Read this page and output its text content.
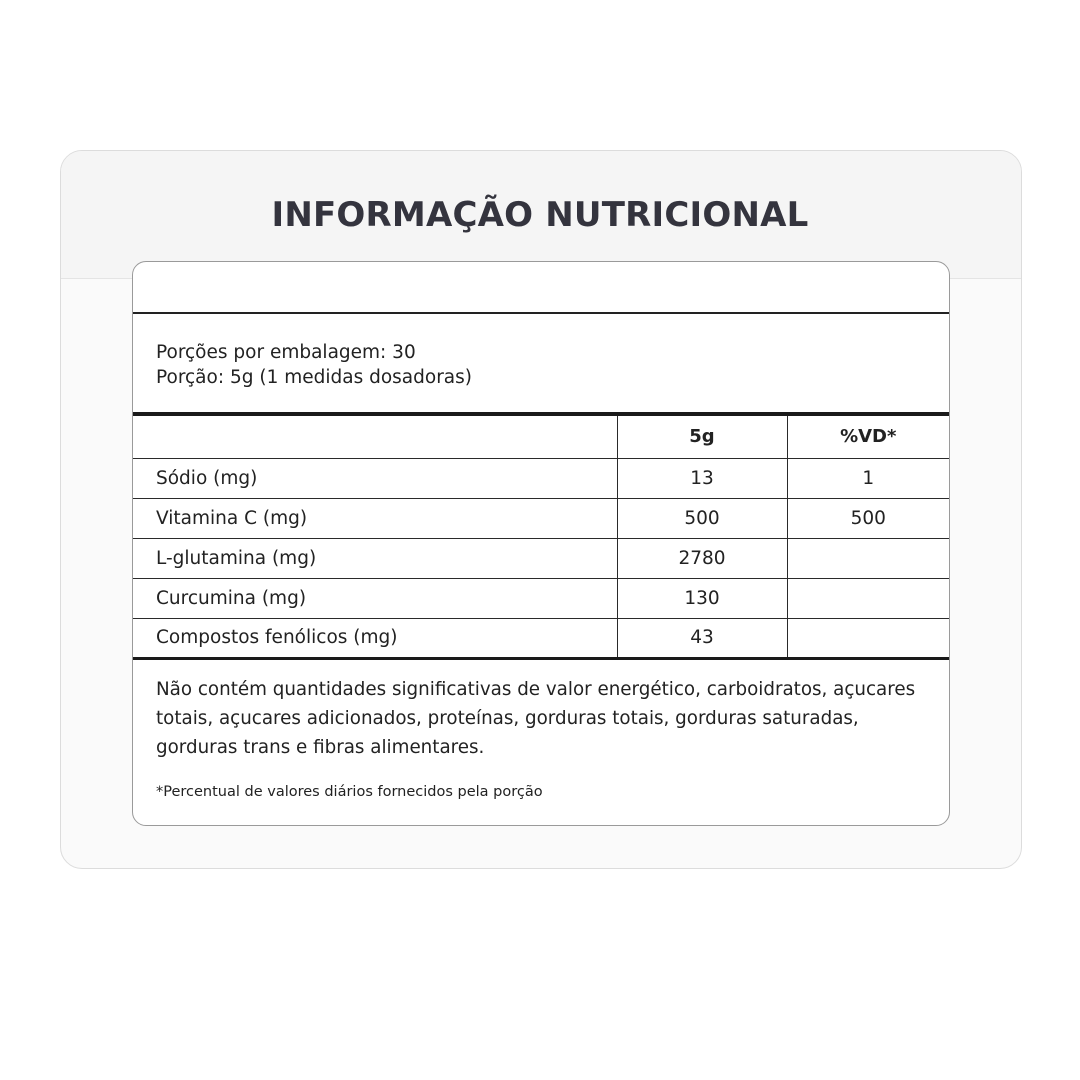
INFORMAÇÃO NUTRICIONAL
Porções por embalagem: 30
Porção: 5g (1 medidas dosadoras)
	5g	%VD*
Sódio (mg)	13	1
Vitamina C (mg)	500	500
L-glutamina (mg)	2780	
Curcumina (mg)	130	
Compostos fenólicos (mg)	43	
Não contém quantidades significativas de valor energético, carboidratos, açucares totais, açucares adicionados, proteínas, gorduras totais, gorduras saturadas, gorduras trans e fibras alimentares.
*Percentual de valores diários fornecidos pela porção
